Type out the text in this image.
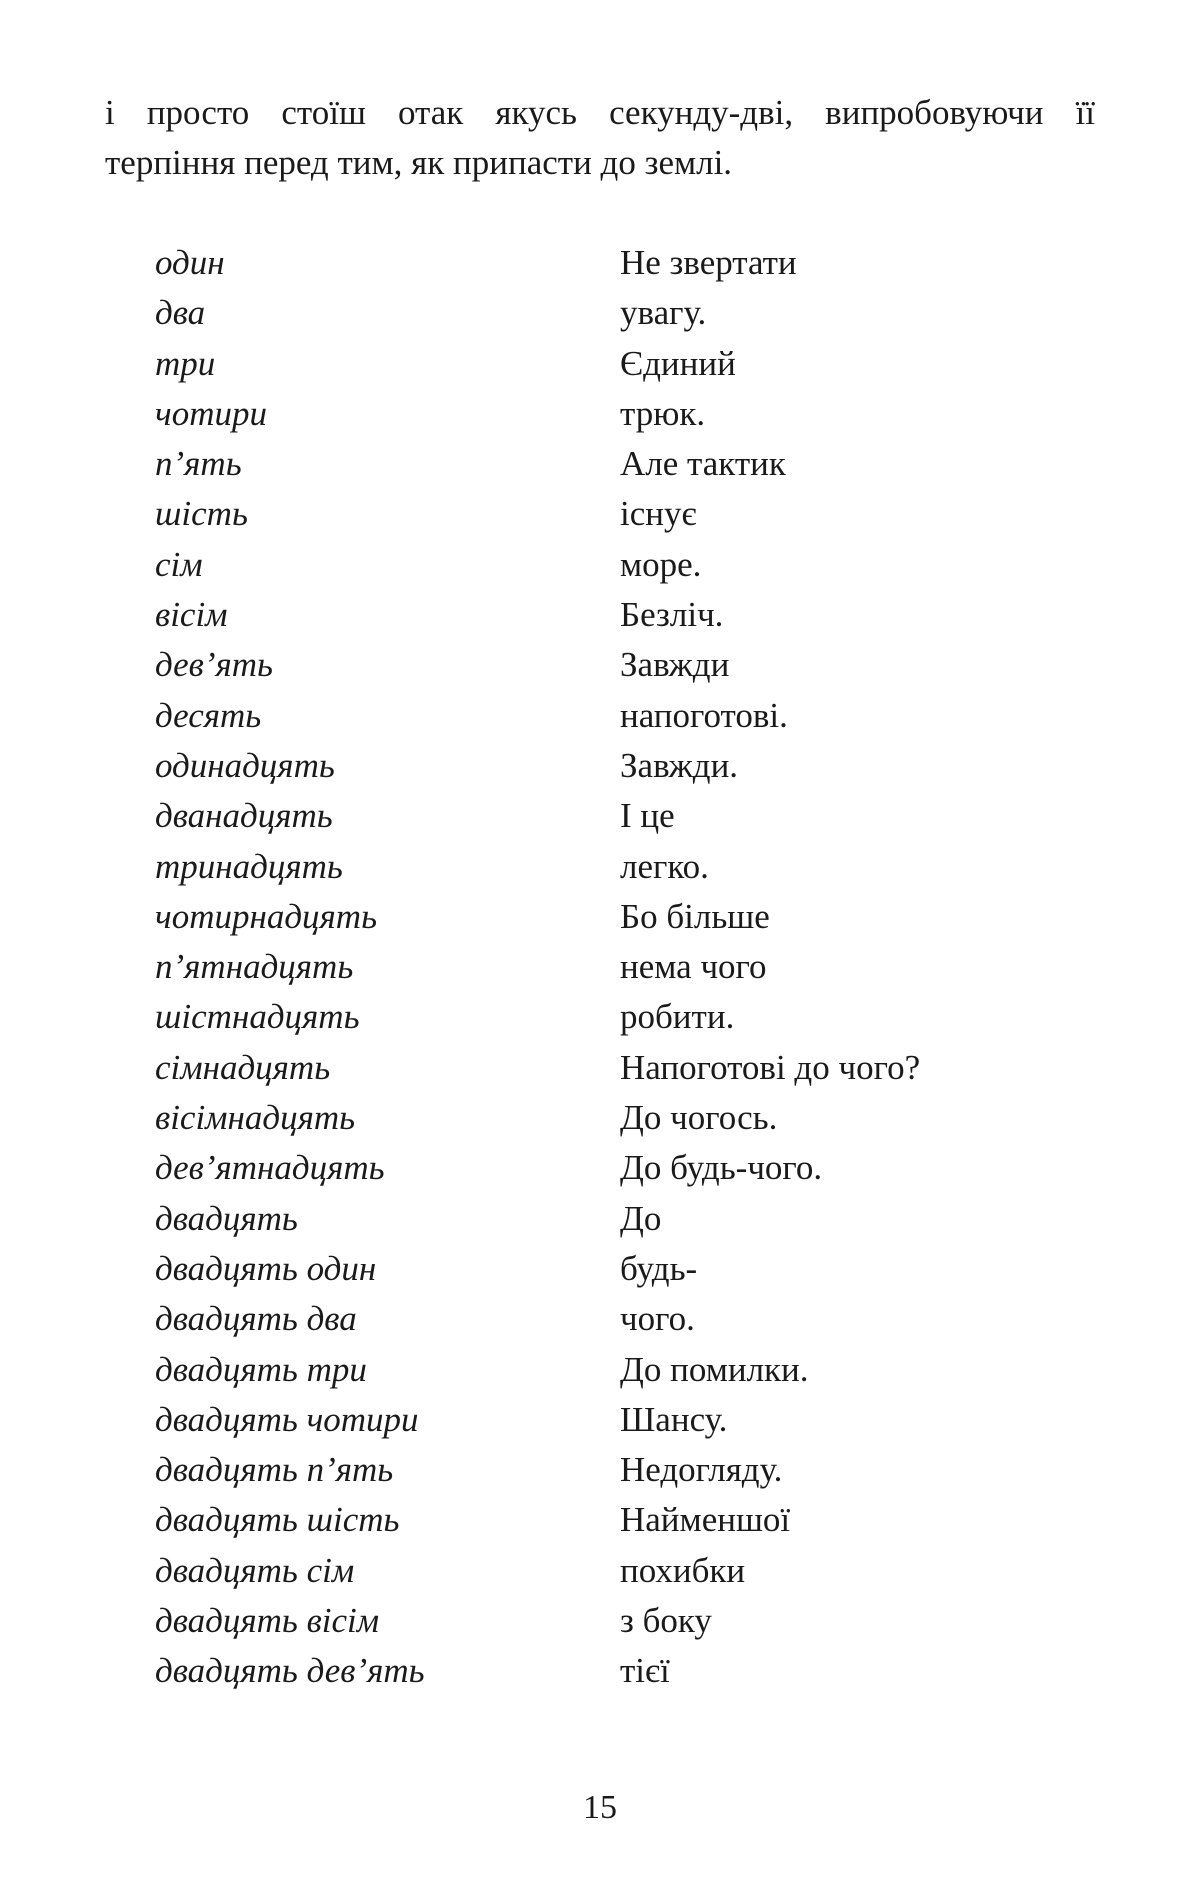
і просто стоїш отак якусь секунду-дві, випробовуючи її
терпіння перед тим, як припасти до землі.
один	Не звертати
два	увагу.
три	Єдиний
чотири	трюк.
п’ять	Але тактик
шість	існує
сім	море.
вісім	Безліч.
дев’ять	Завжди
десять	напоготові.
одинадцять	Завжди.
дванадцять	І це
тринадцять	легко.
чотирнадцять	Бо більше
п’ятнадцять	нема чого
шістнадцять	робити.
сімнадцять	Напоготові до чого?
вісімнадцять	До чогось.
дев’ятнадцять	До будь-чого.
двадцять	До
двадцять один	будь-
двадцять два	чого.
двадцять три	До помилки.
двадцять чотири	Шансу.
двадцять п’ять	Недогляду.
двадцять шість	Найменшої
двадцять сім	похибки
двадцять вісім	з боку
двадцять дев’ять	тієї
15
